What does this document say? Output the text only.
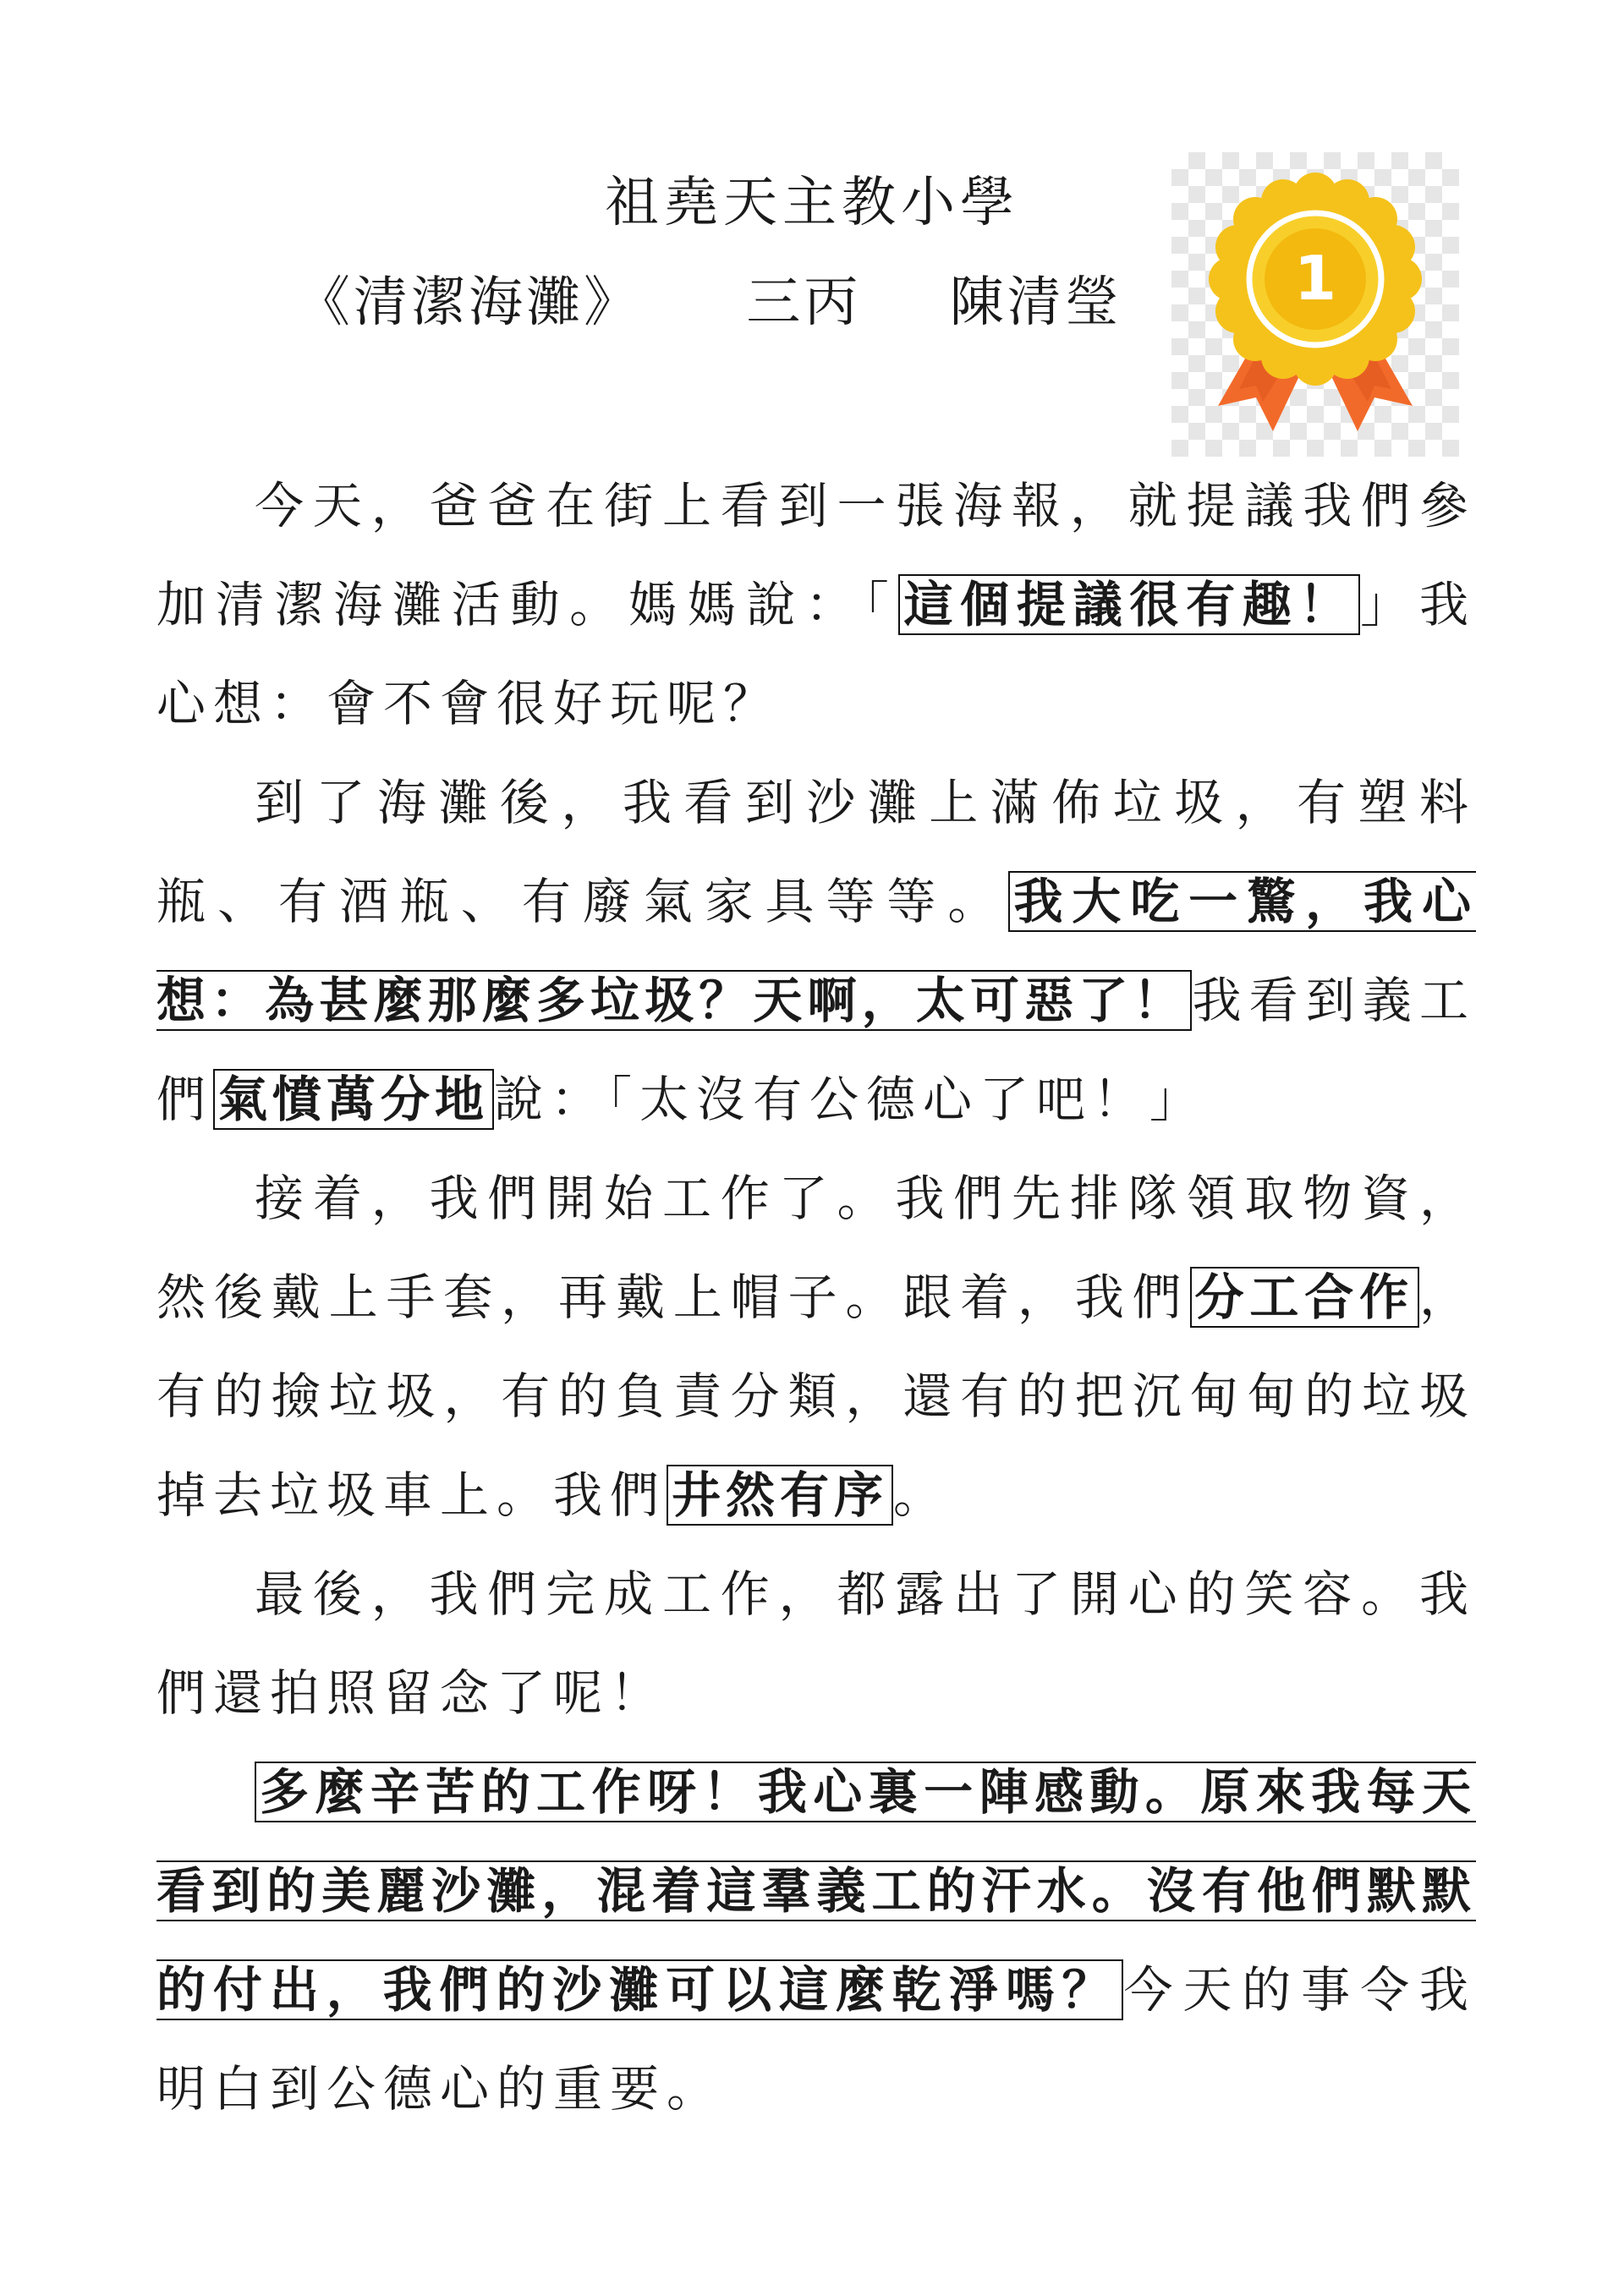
祖堯天主教小學
《清潔海灘》 三丙 陳清瑩	1

今天，爸爸在街上看到一張海報，就提議我們參加清潔海灘活動。媽媽說：「 這個提議很有趣！ 」我心想：會不會很好玩呢？

到了海灘後，我看到沙灘上滿佈垃圾，有塑料瓶、有酒瓶、有廢氣家具等等。 我大吃一驚，我心想：為甚麼那麼多垃圾？天啊，太可惡了！ 我看到義工們 氣憤萬分地 說：「太沒有公德心了吧！」

接着，我們開始工作了。我們先排隊領取物資，然後戴上手套，再戴上帽子。跟着，我們 分工合作 ，有的撿垃圾，有的負責分類，還有的把沉甸甸的垃圾掉去垃圾車上。我們 井然有序 。

最後，我們完成工作，都露出了開心的笑容。我們還拍照留念了呢！

多麼辛苦的工作呀！我心裏一陣感動。原來我每天看到的美麗沙灘，混着這羣義工的汗水。沒有他們默默的付出，我們的沙灘可以這麼乾淨嗎？ 今天的事令我明白到公德心的重要。
